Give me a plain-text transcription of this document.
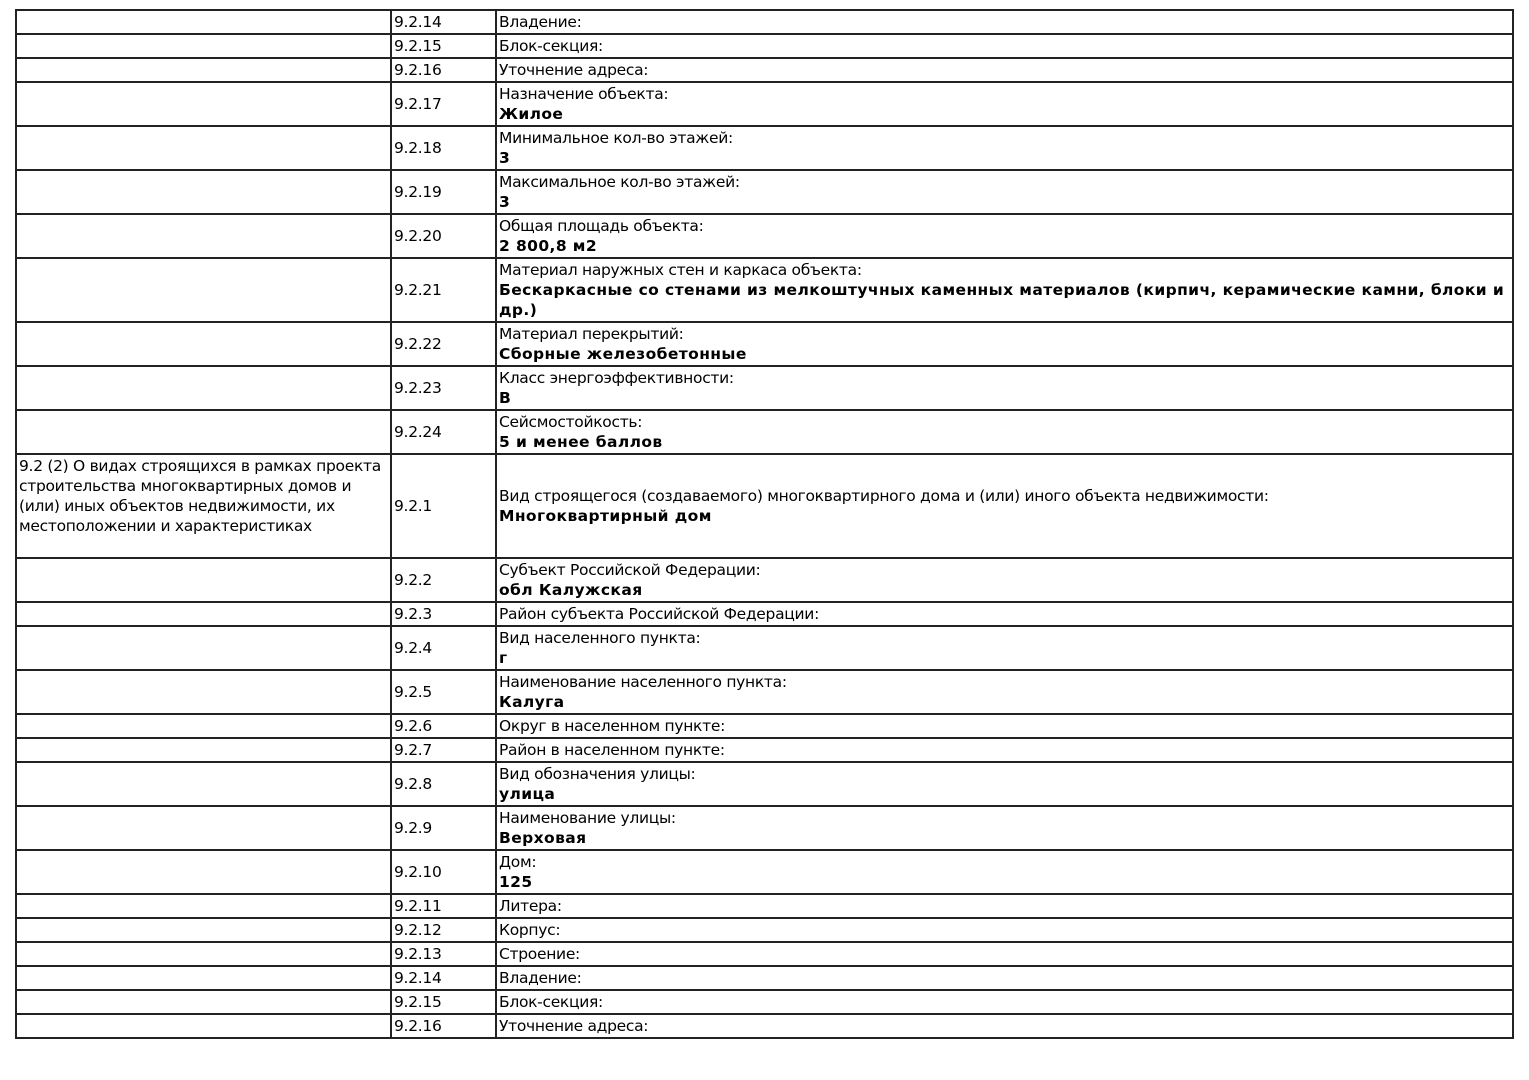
	9.2.14	Владение:

	9.2.15	Блок-секция:

	9.2.16	Уточнение адреса:

	9.2.17	Назначение объекта:
Жилое

	9.2.18	Минимальное кол-во этажей:
3

	9.2.19	Максимальное кол-во этажей:
3

	9.2.20	Общая площадь объекта:
2 800,8 м2

	9.2.21	Материал наружных стен и каркаса объекта:
Бескаркасные со стенами из мелкоштучных каменных материалов (кирпич, керамические камни, блоки и др.)

	9.2.22	Материал перекрытий:
Сборные железобетонные

	9.2.23	Класс энергоэффективности:
В

	9.2.24	Сейсмостойкость:
5 и менее баллов

9.2 (2) О видах строящихся в рамках проекта строительства многоквартирных домов и (или) иных объектов недвижимости, их местоположении и характеристиках	9.2.1	Вид строящегося (создаваемого) многоквартирного дома и (или) иного объекта недвижимости:
Многоквартирный дом

	9.2.2	Субъект Российской Федерации:
обл Калужская

	9.2.3	Район субъекта Российской Федерации:

	9.2.4	Вид населенного пункта:
г

	9.2.5	Наименование населенного пункта:
Калуга

	9.2.6	Округ в населенном пункте:

	9.2.7	Район в населенном пункте:

	9.2.8	Вид обозначения улицы:
улица

	9.2.9	Наименование улицы:
Верховая

	9.2.10	Дом:
125

	9.2.11	Литера:

	9.2.12	Корпус:

	9.2.13	Строение:

	9.2.14	Владение:

	9.2.15	Блок-секция:

	9.2.16	Уточнение адреса:
